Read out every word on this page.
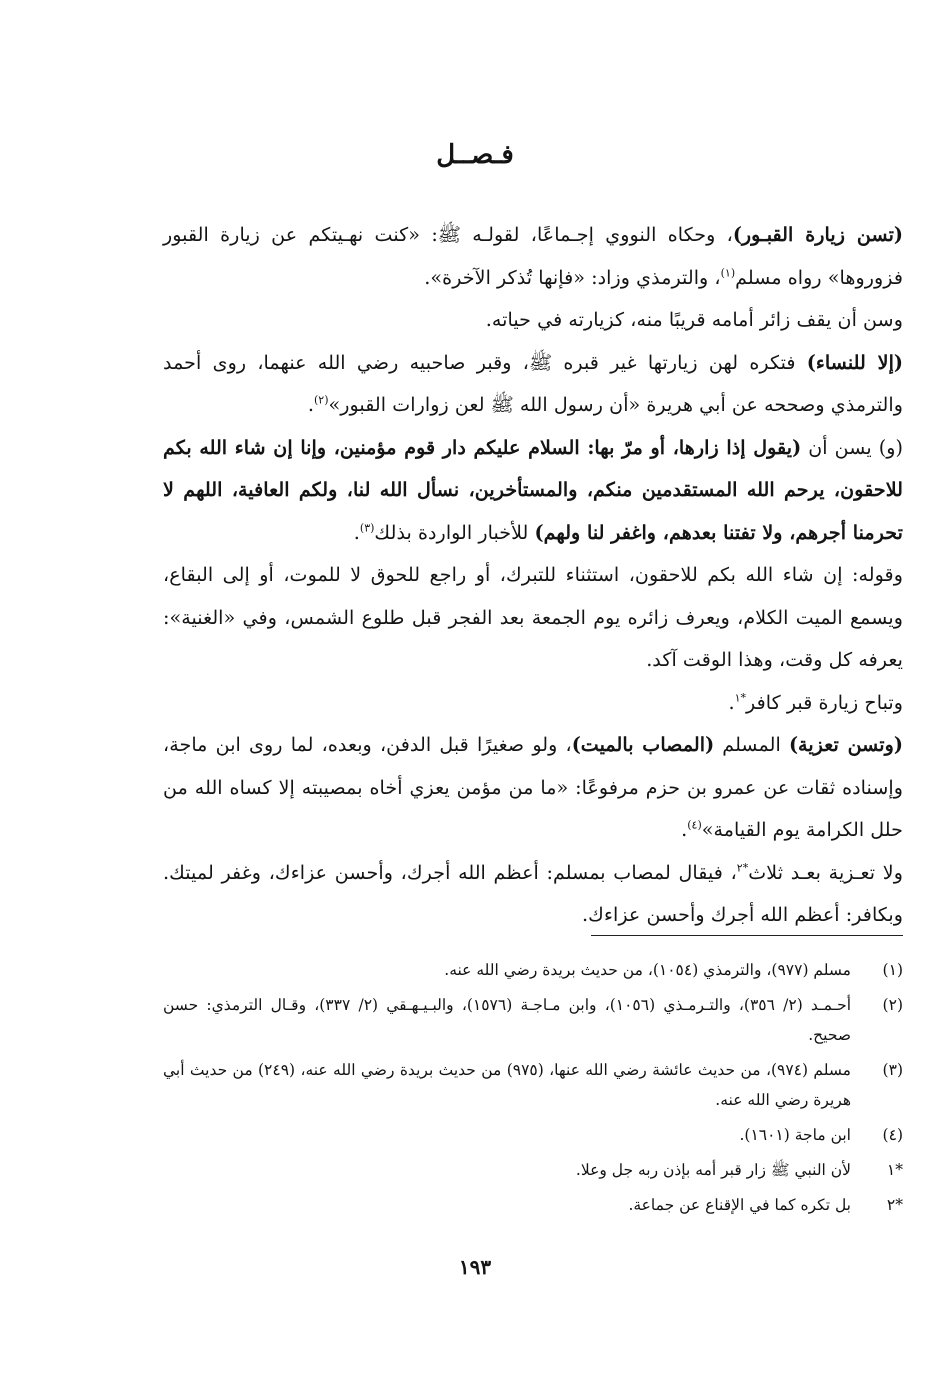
فـصــل

(تسن زيارة القبـور)، وحكاه النووي إجـماعًا، لقولـه ﷺ: «كنت نهـيتكم عن زيارة القبور فزوروها» رواه مسلم$^{(١)}$، والترمذي وزاد: «فإنها تُذكر الآخرة».

وسن أن يقف زائر أمامه قريبًا منه، كزيارته في حياته.

(إلا للنساء) فتكره لهن زيارتها غير قبره ﷺ، وقبر صاحبيه رضي الله عنهما، روى أحمد والترمذي وصححه عن أبي هريرة «أن رسول الله ﷺ لعن زوارات القبور»$^{(٢)}$.

(و) يسن أن (يقول إذا زارها، أو مرّ بها: السلام عليكم دار قوم مؤمنين، وإنا إن شاء الله بكم للاحقون، يرحم الله المستقدمين منكم، والمستأخرين، نسأل الله لنا، ولكم العافية، اللهم لا تحرمنا أجرهم، ولا تفتنا بعدهم، واغفر لنا ولهم) للأخبار الواردة بذلك$^{(٣)}$.

وقوله: إن شاء الله بكم للاحقون، استثناء للتبرك، أو راجع للحوق لا للموت، أو إلى البقاع، ويسمع الميت الكلام، ويعرف زائره يوم الجمعة بعد الفجر قبل طلوع الشمس، وفي «الغنية»: يعرفه كل وقت، وهذا الوقت آكد.

وتباح زيارة قبر كافر$^{*١}$.

(وتسن تعزية) المسلم (المصاب بالميت)، ولو صغيرًا قبل الدفن، وبعده، لما روى ابن ماجة، وإسناده ثقات عن عمرو بن حزم مرفوعًا: «ما من مؤمن يعزي أخاه بمصيبته إلا كساه الله من حلل الكرامة يوم القيامة»$^{(٤)}$.

ولا تعـزية بعـد ثلاث$^{*٢}$، فيقال لمصاب بمسلم: أعظم الله أجرك، وأحسن عزاءك، وغفر لميتك. وبكافر: أعظم الله أجرك وأحسن عزاءك.

(١)
مسلم (٩٧٧)، والترمذي (١٠٥٤)، من حديث بريدة رضي الله عنه.
(٢)
أحـمـد (٢/ ٣٥٦)، والتـرمـذي (١٠٥٦)، وابن مـاجـة (١٥٧٦)، والبـيـهـقي (٢/ ٣٣٧)، وقـال الترمذي: حسن صحيح.
(٣)
مسلم (٩٧٤)، من حديث عائشة رضي الله عنها، (٩٧٥) من حديث بريدة رضي الله عنه، (٢٤٩) من حديث أبي هريرة رضي الله عنه.
(٤)
ابن ماجة (١٦٠١).
*١
لأن النبي ﷺ زار قبر أمه بإذن ربه جل وعلا.
*٢
بل تكره كما في الإقناع عن جماعة.
١٩٣
